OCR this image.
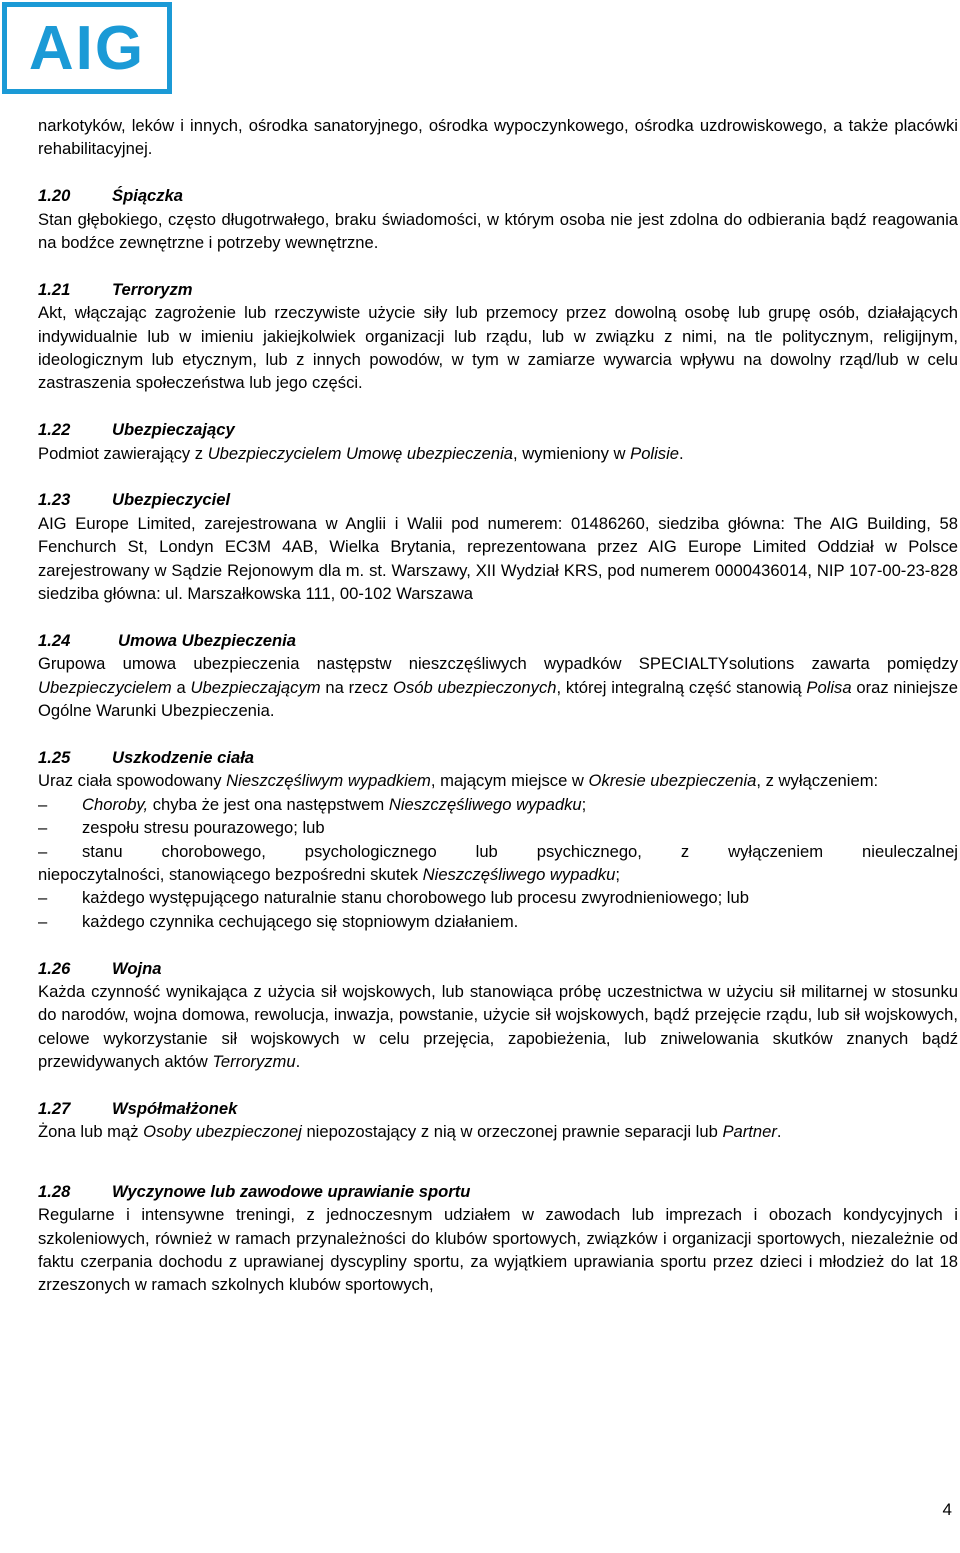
AIG

narkotyków, leków i innych, ośrodka sanatoryjnego, ośrodka wypoczynkowego, ośrodka uzdrowiskowego, a także placówki rehabilitacyjnej.

1.20	Śpiączka

Stan głębokiego, często długotrwałego, braku świadomości, w którym osoba nie jest zdolna do odbierania bądź reagowania na bodźce zewnętrzne i potrzeby wewnętrzne.

1.21	Terroryzm

Akt, włączając zagrożenie lub rzeczywiste użycie siły lub przemocy przez dowolną osobę lub grupę osób, działających indywidualnie lub w imieniu jakiejkolwiek organizacji lub rządu, lub w związku z nimi, na tle politycznym, religijnym, ideologicznym lub etycznym, lub z innych powodów, w tym w zamiarze wywarcia wpływu na dowolny rząd/lub w celu zastraszenia społeczeństwa lub jego części.

1.22	Ubezpieczający

Podmiot zawierający z Ubezpieczycielem Umowę ubezpieczenia, wymieniony w Polisie.

1.23	Ubezpieczyciel

AIG Europe Limited, zarejestrowana w Anglii i Walii pod numerem: 01486260, siedziba główna: The AIG Building, 58 Fenchurch St, Londyn EC3M 4AB, Wielka Brytania, reprezentowana przez AIG Europe Limited Oddział w Polsce zarejestrowany w Sądzie Rejonowym dla m. st. Warszawy, XII Wydział KRS, pod numerem 0000436014, NIP 107-00-23-828 siedziba główna: ul. Marszałkowska 111, 00-102 Warszawa

1.24	Umowa Ubezpieczenia

Grupowa umowa ubezpieczenia następstw nieszczęśliwych wypadków SPECIALTYsolutions zawarta pomiędzy Ubezpieczycielem a Ubezpieczającym na rzecz Osób ubezpieczonych, której integralną część stanowią Polisa oraz niniejsze Ogólne Warunki Ubezpieczenia.

1.25	Uszkodzenie ciała

Uraz ciała spowodowany Nieszczęśliwym wypadkiem, mającym miejsce w Okresie ubezpieczenia, z wyłączeniem:

–	Choroby, chyba że jest ona następstwem Nieszczęśliwego wypadku;
–	zespołu stresu pourazowego; lub
–	stanu chorobowego, psychologicznego lub psychicznego, z wyłączeniem nieuleczalnej

niepoczytalności, stanowiącego bezpośredni skutek Nieszczęśliwego wypadku;

–	każdego występującego naturalnie stanu chorobowego lub procesu zwyrodnieniowego; lub
–	każdego czynnika cechującego się stopniowym działaniem.
1.26	Wojna

Każda czynność wynikająca z użycia sił wojskowych, lub stanowiąca próbę uczestnictwa w użyciu sił militarnej w stosunku do narodów, wojna domowa, rewolucja, inwazja, powstanie, użycie sił wojskowych, bądź przejęcie rządu, lub sił wojskowych, celowe wykorzystanie sił wojskowych w celu przejęcia, zapobieżenia, lub zniwelowania skutków znanych bądź przewidywanych aktów Terroryzmu.

1.27	Współmałżonek

Żona lub mąż Osoby ubezpieczonej niepozostający z nią w orzeczonej prawnie separacji lub Partner.

1.28	Wyczynowe lub zawodowe uprawianie sportu

Regularne i intensywne treningi, z jednoczesnym udziałem w zawodach lub imprezach i obozach kondycyjnych i szkoleniowych, również w ramach przynależności do klubów sportowych, związków i organizacji sportowych, niezależnie od faktu czerpania dochodu z uprawianej dyscypliny sportu, za wyjątkiem uprawiania sportu przez dzieci i młodzież do lat 18 zrzeszonych w ramach szkolnych klubów sportowych,

4
